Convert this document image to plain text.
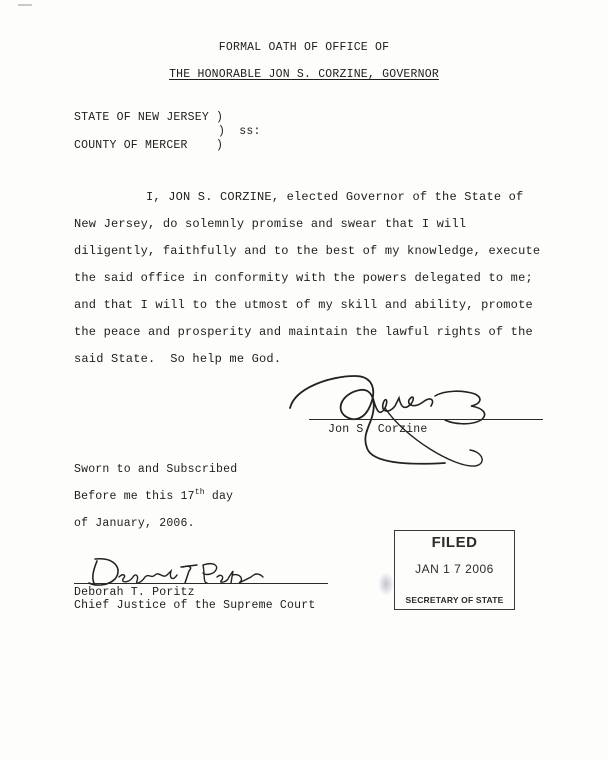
FORMAL OATH OF OFFICE OF
THE HONORABLE JON S. CORZINE, GOVERNOR
STATE OF NEW JERSEY )
)  ss:
COUNTY OF MERCER    )
I, JON S. CORZINE, elected Governor of the State of
New Jersey, do solemnly promise and swear that I will
diligently, faithfully and to the best of my knowledge, execute
the said office in conformity with the powers delegated to me;
and that I will to the utmost of my skill and ability, promote
the peace and prosperity and maintain the lawful rights of the
said State.  So help me God.
Jon S. Corzine
Sworn to and Subscribed
Before me this 17th day
of January, 2006.
Deborah T. Poritz
Chief Justice of the Supreme Court
FILED
JAN 1 7 2006
SECRETARY OF STATE
